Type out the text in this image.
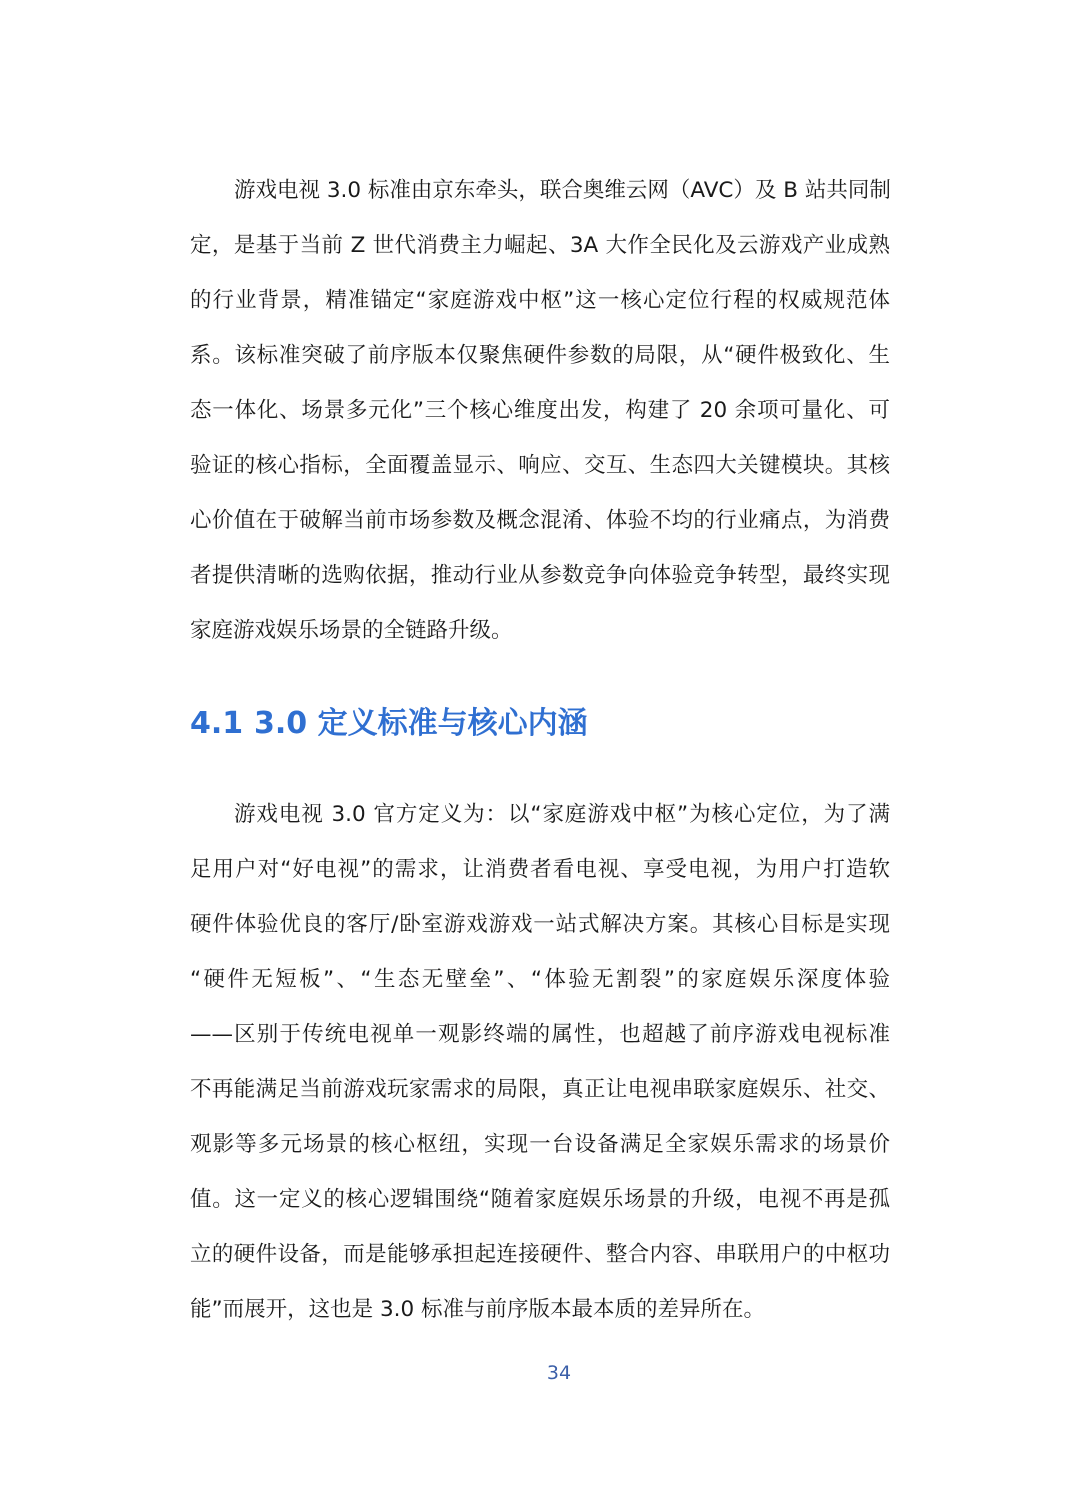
游戏电视 3.0 标准由京东牵头，联合奥维云网（AVC）及 B 站共同制
定，是基于当前 Z 世代消费主力崛起、3A 大作全民化及云游戏产业成熟
的行业背景，精准锚定“家庭游戏中枢”这一核心定位行程的权威规范体
系。该标准突破了前序版本仅聚焦硬件参数的局限，从“硬件极致化、生
态一体化、场景多元化”三个核心维度出发，构建了 20 余项可量化、可
验证的核心指标，全面覆盖显示、响应、交互、生态四大关键模块。其核
心价值在于破解当前市场参数及概念混淆、体验不均的行业痛点，为消费
者提供清晰的选购依据，推动行业从参数竞争向体验竞争转型，最终实现
家庭游戏娱乐场景的全链路升级。
4.1 3.0 定义标准与核心内涵
游戏电视 3.0 官方定义为：以“家庭游戏中枢”为核心定位，为了满
足用户对“好电视”的需求，让消费者看电视、享受电视，为用户打造软
硬件体验优良的客厅/卧室游戏游戏一站式解决方案。其核心目标是实现
“硬件无短板”、“生态无壁垒”、“体验无割裂”的家庭娱乐深度体验
——区别于传统电视单一观影终端的属性，也超越了前序游戏电视标准
不再能满足当前游戏玩家需求的局限，真正让电视串联家庭娱乐、社交、
观影等多元场景的核心枢纽，实现一台设备满足全家娱乐需求的场景价
值。这一定义的核心逻辑围绕“随着家庭娱乐场景的升级，电视不再是孤
立的硬件设备，而是能够承担起连接硬件、整合内容、串联用户的中枢功
能”而展开，这也是 3.0 标准与前序版本最本质的差异所在。
34
